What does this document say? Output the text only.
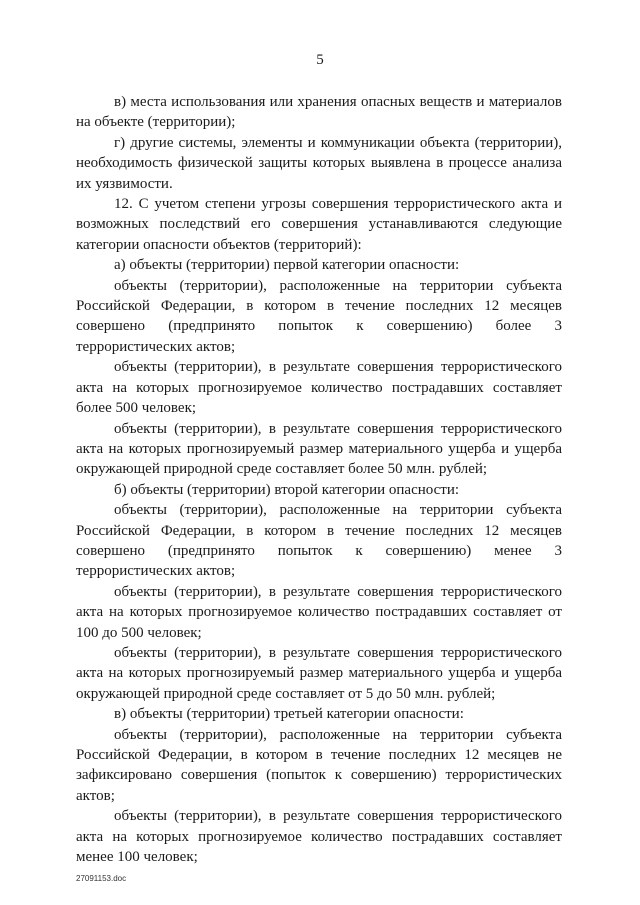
5

в) места использования или хранения опасных веществ и материалов на объекте (территории);

г) другие системы, элементы и коммуникации объекта (территории), необходимость физической защиты которых выявлена в процессе анализа их уязвимости.

12. С учетом степени угрозы совершения террористического акта и возможных последствий его совершения устанавливаются следующие категории опасности объектов (территорий):

а) объекты (территории) первой категории опасности:

объекты (территории), расположенные на территории субъекта Российской Федерации, в котором в течение последних 12 месяцев совершено (предпринято попыток к совершению) более 3 террористических актов;

объекты (территории), в результате совершения террористического акта на которых прогнозируемое количество пострадавших составляет более 500 человек;

объекты (территории), в результате совершения террористического акта на которых прогнозируемый размер материального ущерба и ущерба окружающей природной среде составляет более 50 млн. рублей;

б) объекты (территории) второй категории опасности:

объекты (территории), расположенные на территории субъекта Российской Федерации, в котором в течение последних 12 месяцев совершено (предпринято попыток к совершению) менее 3 террористических актов;

объекты (территории), в результате совершения террористического акта на которых прогнозируемое количество пострадавших составляет от 100 до 500 человек;

объекты (территории), в результате совершения террористического акта на которых прогнозируемый размер материального ущерба и ущерба окружающей природной среде составляет от 5 до 50 млн. рублей;

в) объекты (территории) третьей категории опасности:

объекты (территории), расположенные на территории субъекта Российской Федерации, в котором в течение последних 12 месяцев не зафиксировано совершения (попыток к совершению) террористических актов;

объекты (территории), в результате совершения террористического акта на которых прогнозируемое количество пострадавших составляет менее 100 человек;

27091153.doc
